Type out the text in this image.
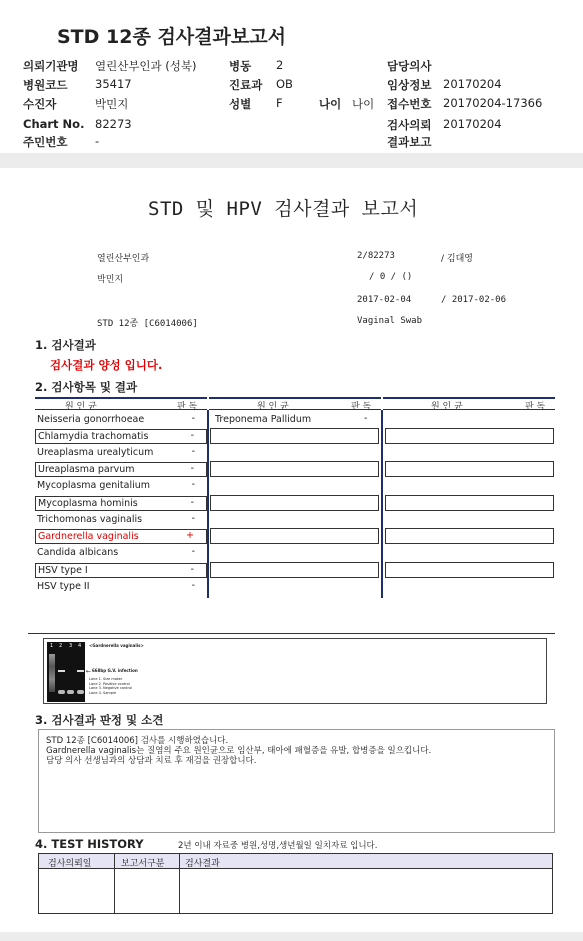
STD 12종 검사결과보고서
의뢰기관명 열린산부인과 (성북)	병동 2	담당의사
병원코드 35417	진료과 OB	임상정보 20170204
수진자	박민지	성별 F	나이 나이 접수번호 20170204-17366
Chart No. 82273	검사의뢰 20170204
주민번호 -	결과보고
STD 및 HPV 검사결과 보고서
열린산부인과	2/82273	/ 김대영
박민지	/ 0 / ()
2017-02-04	/ 2017-02-06
STD 12종 [C6014006]	Vaginal Swab
1. 검사결과
검사결과 양성 입니다.
2. 검사항목 및 결과
원 인 균	판 독	원 인 균	판 독	원 인 균	판 독
Neisseria gonorrhoeae	-
Chlamydia trachomatis	-
Ureaplasma urealyticum	-
Ureaplasma parvum	-
Mycoplasma genitalium	-
Mycoplasma hominis	-
Trichomonas vaginalis	-
Gardnerella vaginalis	+
Candida albicans	-
HSV type I	-
HSV type II	-
Treponema Pallidum	-
1 2 3 4 <Gardnerella vaginalis>
← 668bp G.V. infection
Lane 1. Size maker
Lane 2. Positive control
Lane 3. Negative control
Lane 4. Sample
3. 검사결과 판정 및 소견
STD 12종 [C6014006] 검사를 시행하였습니다.
Gardnerella vaginalis는 질염의 주요 원인균으로 임산부, 태아에 패혈증을 유발, 합병증을 일으킵니다.
담당 의사 선생님과의 상담과 치료 후 재검을 권장합니다.
4. TEST HISTORY	2년 이내 자료중 병원,성명,생년월일 일치자료 입니다.
검사의뢰일	보고서구분 검사결과
